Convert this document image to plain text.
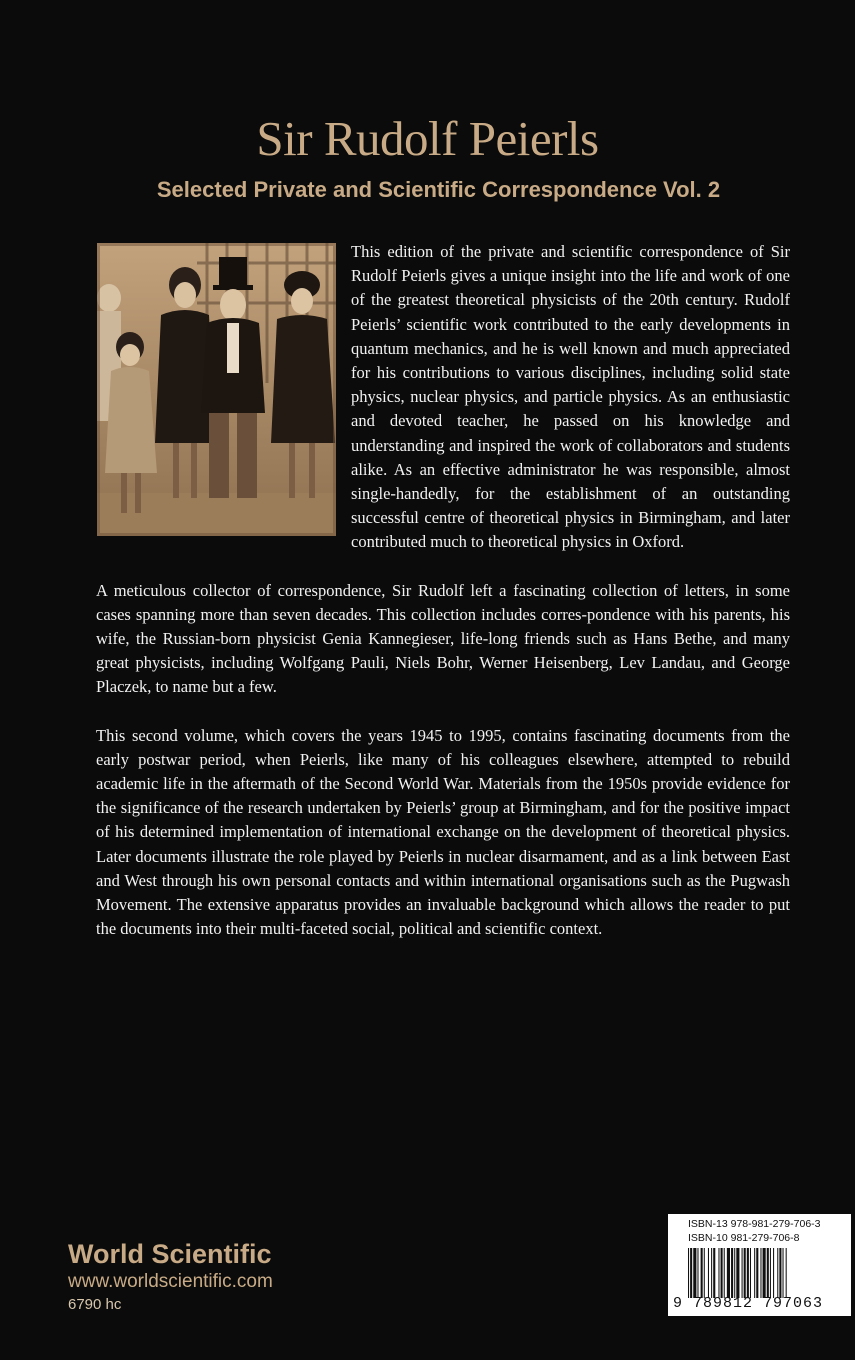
Sir Rudolf Peierls
Selected Private and Scientific Correspondence Vol. 2

This edition of the private and scientific correspondence of Sir Rudolf Peierls gives a unique insight into the life and work of one of the greatest theoretical physicists of the 20th century. Rudolf Peierls’ scientific work contributed to the early developments in quantum mechanics, and he is well known and much appreciated for his contributions to various disciplines, including solid state physics, nuclear physics, and particle physics. As an enthusiastic and devoted teacher, he passed on his knowledge and understanding and inspired the work of collaborators and students alike. As an effective administrator he was responsible, almost single-handedly, for the establishment of an outstanding successful centre of theoretical physics in Birmingham, and later contributed much to theoretical physics in Oxford.

A meticulous collector of correspondence, Sir Rudolf left a fascinating collection of letters, in some cases spanning more than seven decades. This collection includes corres-pondence with his parents, his wife, the Russian-born physicist Genia Kannegieser, life-long friends such as Hans Bethe, and many great physicists, including Wolfgang Pauli, Niels Bohr, Werner Heisenberg, Lev Landau, and George Placzek, to name but a few.

This second volume, which covers the years 1945 to 1995, contains fascinating documents from the early postwar period, when Peierls, like many of his colleagues elsewhere, attempted to rebuild academic life in the aftermath of the Second World War. Materials from the 1950s provide evidence for the significance of the research undertaken by Peierls’ group at Birmingham, and for the positive impact of his determined implementation of international exchange on the development of theoretical physics. Later documents illustrate the role played by Peierls in nuclear disarmament, and as a link between East and West through his own personal contacts and within international organisations such as the Pugwash Movement. The extensive apparatus provides an invaluable background which allows the reader to put the documents into their multi-faceted social, political and scientific context.

World Scientific
www.worldscientific.com
6790 hc
ISBN-13 978-981-279-706-3
ISBN-10 981-279-706-8
9 789812 797063
